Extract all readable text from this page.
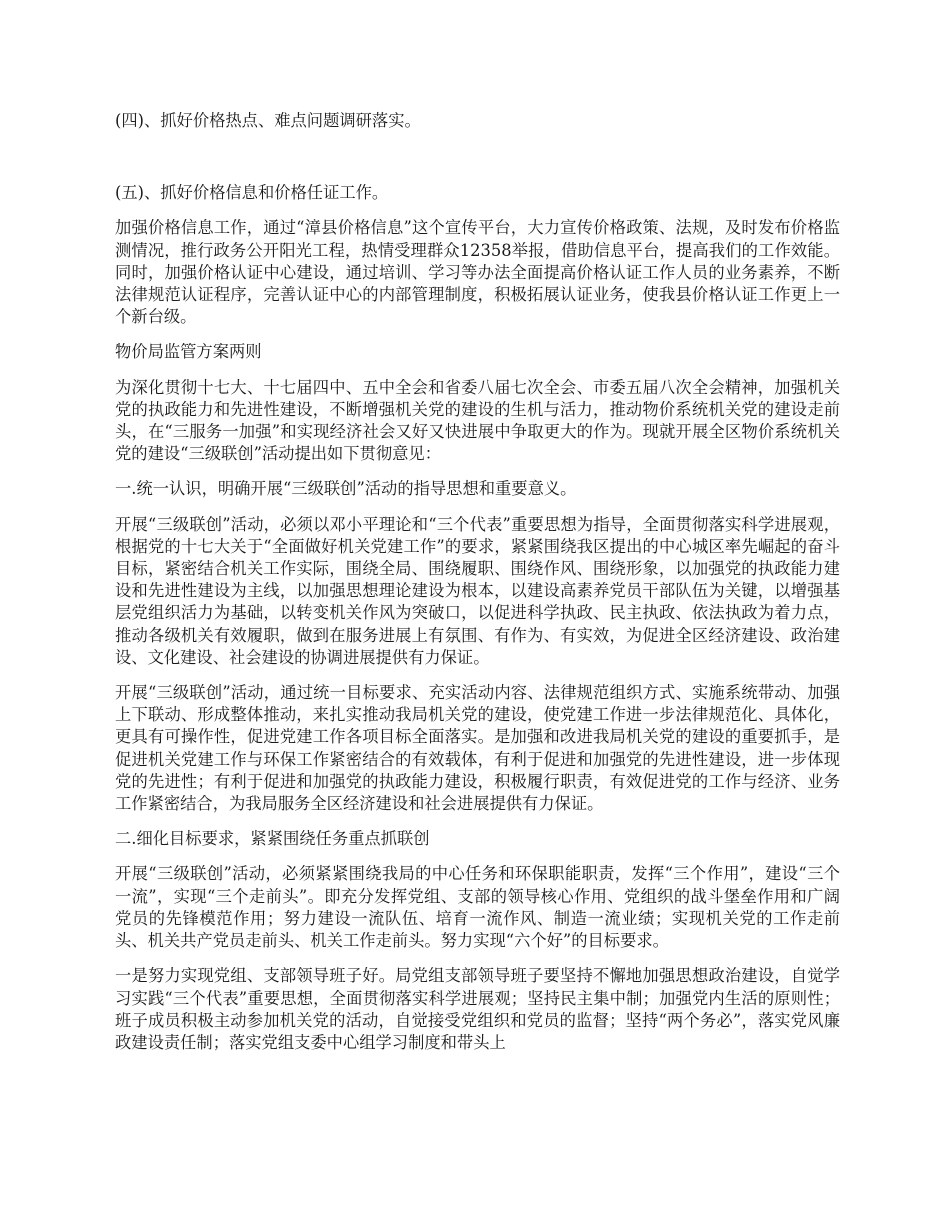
(四)、抓好价格热点、难点问题调研落实。

(五)、抓好价格信息和价格任证工作。

加强价格信息工作，通过“漳县价格信息”这个宣传平台，大力宣传价格政策、法规，及时发布价格监测情况，推行政务公开阳光工程，热情受理群众12358举报，借助信息平台，提高我们的工作效能。同时，加强价格认证中心建设，通过培训、学习等办法全面提高价格认证工作人员的业务素养，不断法律规范认证程序，完善认证中心的内部管理制度，积极拓展认证业务，使我县价格认证工作更上一个新台级。

物价局监管方案两则

为深化贯彻十七大、十七届四中、五中全会和省委八届七次全会、市委五届八次全会精神，加强机关党的执政能力和先进性建设，不断增强机关党的建设的生机与活力，推动物价系统机关党的建设走前头，在“三服务一加强”和实现经济社会又好又快进展中争取更大的作为。现就开展全区物价系统机关党的建设“三级联创”活动提出如下贯彻意见：

一.统一认识，明确开展“三级联创”活动的指导思想和重要意义。

开展“三级联创”活动，必须以邓小平理论和“三个代表”重要思想为指导，全面贯彻落实科学进展观，根据党的十七大关于“全面做好机关党建工作”的要求，紧紧围绕我区提出的中心城区率先崛起的奋斗目标，紧密结合机关工作实际，围绕全局、围绕履职、围绕作风、围绕形象，以加强党的执政能力建设和先进性建设为主线，以加强思想理论建设为根本，以建设高素养党员干部队伍为关键，以增强基层党组织活力为基础，以转变机关作风为突破口，以促进科学执政、民主执政、依法执政为着力点，推动各级机关有效履职，做到在服务进展上有氛围、有作为、有实效，为促进全区经济建设、政治建设、文化建设、社会建设的协调进展提供有力保证。

开展“三级联创”活动，通过统一目标要求、充实活动内容、法律规范组织方式、实施系统带动、加强上下联动、形成整体推动，来扎实推动我局机关党的建设，使党建工作进一步法律规范化、具体化，更具有可操作性，促进党建工作各项目标全面落实。是加强和改进我局机关党的建设的重要抓手，是促进机关党建工作与环保工作紧密结合的有效载体，有利于促进和加强党的先进性建设，进一步体现党的先进性；有利于促进和加强党的执政能力建设，积极履行职责，有效促进党的工作与经济、业务工作紧密结合，为我局服务全区经济建设和社会进展提供有力保证。

二.细化目标要求，紧紧围绕任务重点抓联创

开展“三级联创”活动，必须紧紧围绕我局的中心任务和环保职能职责，发挥“三个作用”，建设“三个一流”，实现“三个走前头”。即充分发挥党组、支部的领导核心作用、党组织的战斗堡垒作用和广阔党员的先锋模范作用；努力建设一流队伍、培育一流作风、制造一流业绩；实现机关党的工作走前头、机关共产党员走前头、机关工作走前头。努力实现“六个好”的目标要求。

一是努力实现党组、支部领导班子好。局党组支部领导班子要坚持不懈地加强思想政治建设，自觉学习实践“三个代表”重要思想，全面贯彻落实科学进展观；坚持民主集中制；加强党内生活的原则性；班子成员积极主动参加机关党的活动，自觉接受党组织和党员的监督；坚持“两个务必”，落实党风廉政建设责任制；落实党组支委中心组学习制度和带头上
